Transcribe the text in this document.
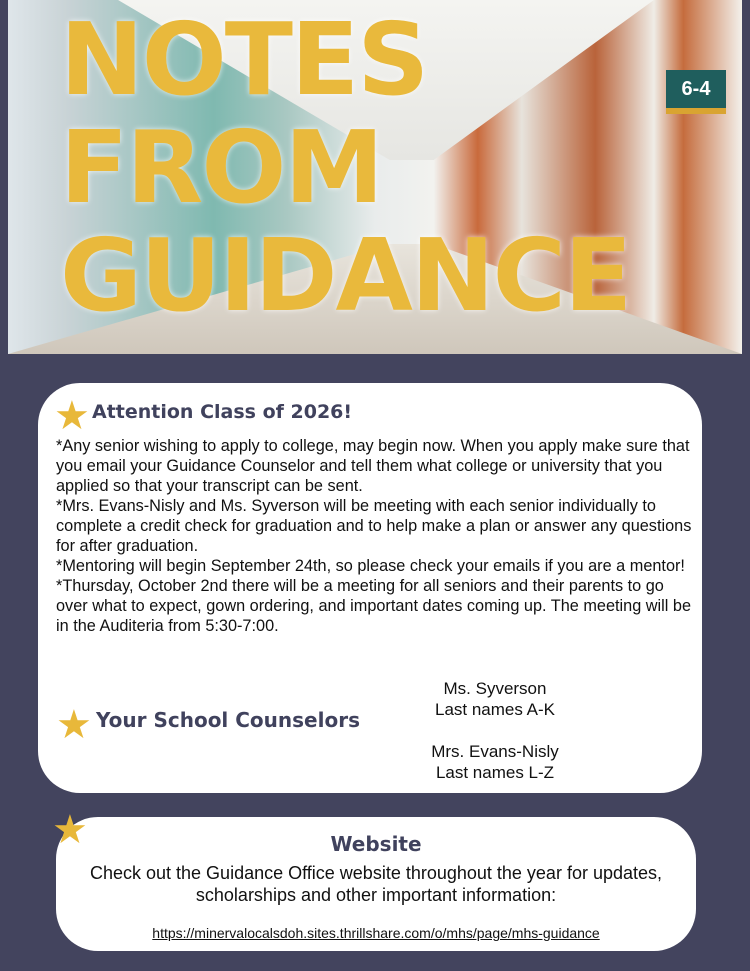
6-4
NOTES
FROM
GUIDANCE
★ Attention Class of 2026!

*Any senior wishing to apply to college, may begin now. When you apply make sure that you email your Guidance Counselor and tell them what college or university that you applied so that your transcript can be sent.

*Mrs. Evans-Nisly and Ms. Syverson will be meeting with each senior individually to complete a credit check for graduation and to help make a plan or answer any questions for after graduation.

*Mentoring will begin September 24th, so please check your emails if you are a mentor!

*Thursday, October 2nd there will be a meeting for all seniors and their parents to go over what to expect, gown ordering, and important dates coming up. The meeting will be in the Auditeria from 5:30-7:00.

★ Your School Counselors
Ms. Syverson
Last names A-K
Mrs. Evans-Nisly
Last names L-Z
★	Website
Check out the Guidance Office website throughout the year for updates, scholarships and other important information:
https://minervalocalsdoh.sites.thrillshare.com/o/mhs/page/mhs-guidance
